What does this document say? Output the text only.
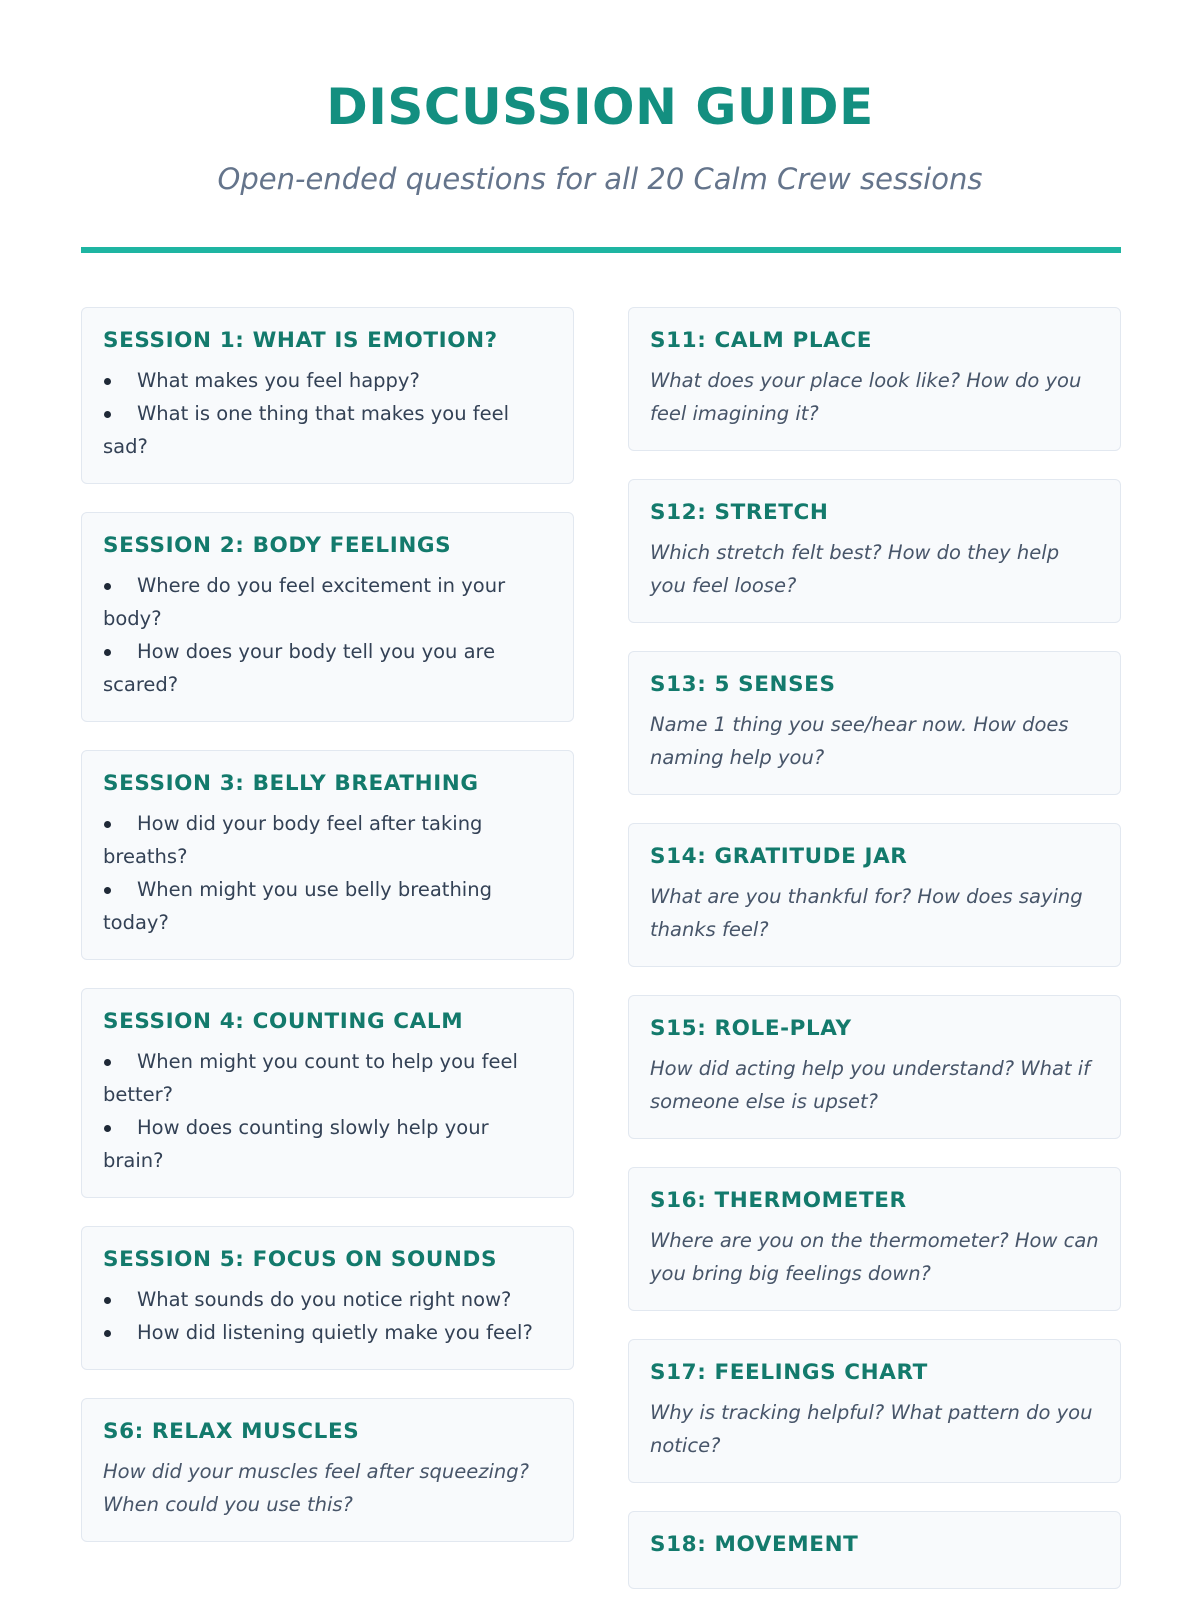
DISCUSSION GUIDE
Open-ended questions for all 20 Calm Crew sessions
SESSION 1: WHAT IS EMOTION?
What makes you feel happy?
What is one thing that makes you feel sad?
SESSION 2: BODY FEELINGS
Where do you feel excitement in your body?
How does your body tell you you are scared?
SESSION 3: BELLY BREATHING
How did your body feel after taking breaths?
When might you use belly breathing today?
SESSION 4: COUNTING CALM
When might you count to help you feel better?
How does counting slowly help your brain?
SESSION 5: FOCUS ON SOUNDS
What sounds do you notice right now?
How did listening quietly make you feel?
S6: RELAX MUSCLES

How did your muscles feel after squeezing? When could you use this?

S11: CALM PLACE

What does your place look like? How do you feel imagining it?

S12: STRETCH

Which stretch felt best? How do they help you feel loose?

S13: 5 SENSES

Name 1 thing you see/hear now. How does naming help you?

S14: GRATITUDE JAR

What are you thankful for? How does saying thanks feel?

S15: ROLE-PLAY

How did acting help you understand? What if someone else is upset?

S16: THERMOMETER

Where are you on the thermometer? How can you bring big feelings down?

S17: FEELINGS CHART

Why is tracking helpful? What pattern do you notice?

S18: MOVEMENT
